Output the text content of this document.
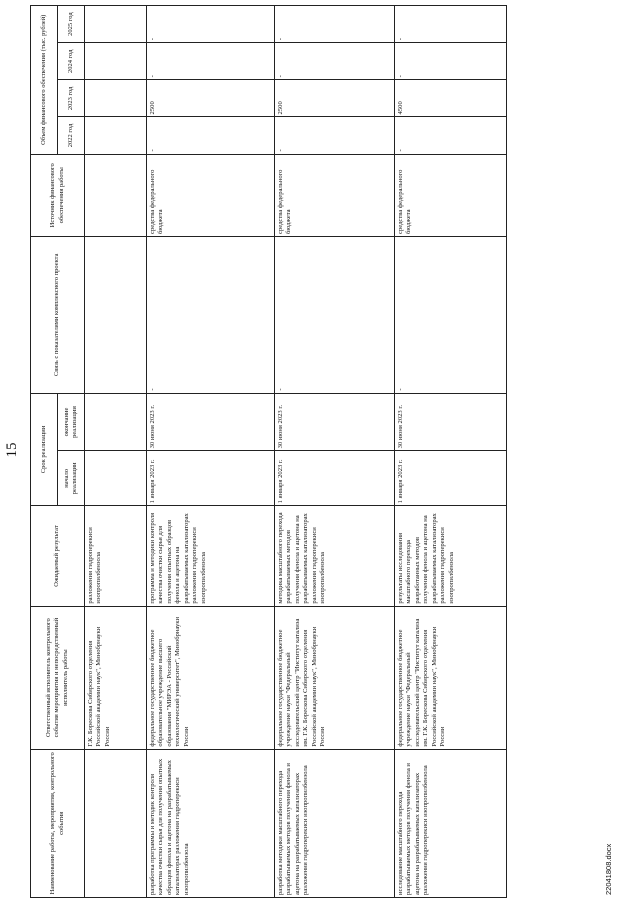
15
Наименование работы, мероприятия, контрольного события	Ответственный исполнитель контрольного события мероприятия и непосредственный исполнитель работы	Ожидаемый результат	Срок реализации		Связь с показателями комплексного проекта	Источник финансового обеспечения работы	Объем финансового обеспечения (тыс. рублей)			

			начало реализации	окончание реализации			2022 год	2023 год	2024 год	2025 год
	Г.К. Борескова Сибирского отделения Российской академии наук", Минобрнауки России	разложения гидроперекиси изопропилбензола								
разработка программы и методик контроля качества очистки сырья для получения опытных образцов фенола и ацетона на разрабатываемых катализаторах разложения гидроперекиси изопропилбензола	федеральное государственное бюджетное образовательное учреждение высшего образования "МИРЭА - Российский технологический университет", Минобрнауки России	программа и методики контроля качества очистки сырья для получения опытных образцов фенола и ацетона на разрабатываемых катализаторах разложения гидроперекиси изопропилбензола	1 января 2023 г.	30 июня 2023 г.	-	средства федерального бюджета	-	2500	-	-
разработка методики масштабного перехода разрабатываемых методов получения фенола и ацетона на разрабатываемых катализаторах разложения гидроперекиси изопропилбензола	федеральное государственное бюджетное учреждение науки "Федеральный исследовательский центр "Институт катализа им. Г.К. Борескова Сибирского отделения Российской академии наук", Минобрнауки России	методика масштабного перехода разрабатываемых методов получения фенола и ацетона на разрабатываемых катализаторах разложения гидроперекиси изопропилбензола	1 января 2023 г.	30 июня 2023 г.	-	средства федерального бюджета	-	2500	-	-
исследование масштабного перехода разрабатываемых методов получения фенола и ацетона на разрабатываемых катализаторах разложения гидроперекиси изопропилбензола	федеральное государственное бюджетное учреждение науки "Федеральный исследовательский центр "Институт катализа им. Г.К. Борескова Сибирского отделения Российской академии наук", Минобрнауки России	результаты исследования масштабного перехода разработанных методов получения фенола и ацетона на разрабатываемых катализаторах разложения гидроперекиси изопропилбензола	1 января 2023 г.	30 июня 2023 г.	-	средства федерального бюджета	-	4500	-	-
22041808.docx
